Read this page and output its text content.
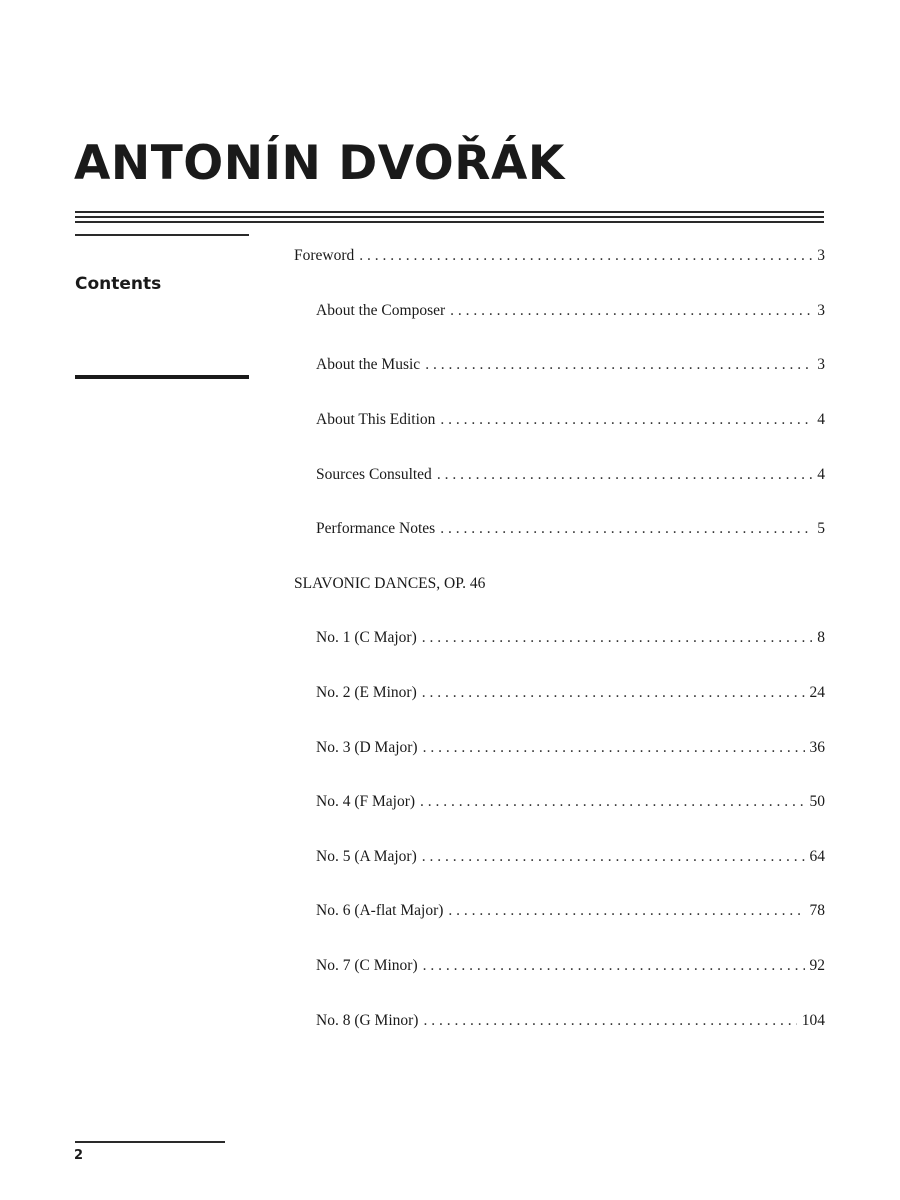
ANTONÍN DVOŘÁK
Contents
Foreword . . .	3
About the Composer . . .	3
About the Music . . .	3
About This Edition . . .	4
Sources Consulted . . .	4
Performance Notes . . .	5
SLAVONIC DANCES, OP. 46
No. 1 (C Major) . . .	8
No. 2 (E Minor) . . .	24
No. 3 (D Major) . . .	36
No. 4 (F Major) . . .	50
No. 5 (A Major) . . .	64
No. 6 (A-flat Major) . . .	78
No. 7 (C Minor) . . .	92
No. 8 (G Minor) . . .	104

2
